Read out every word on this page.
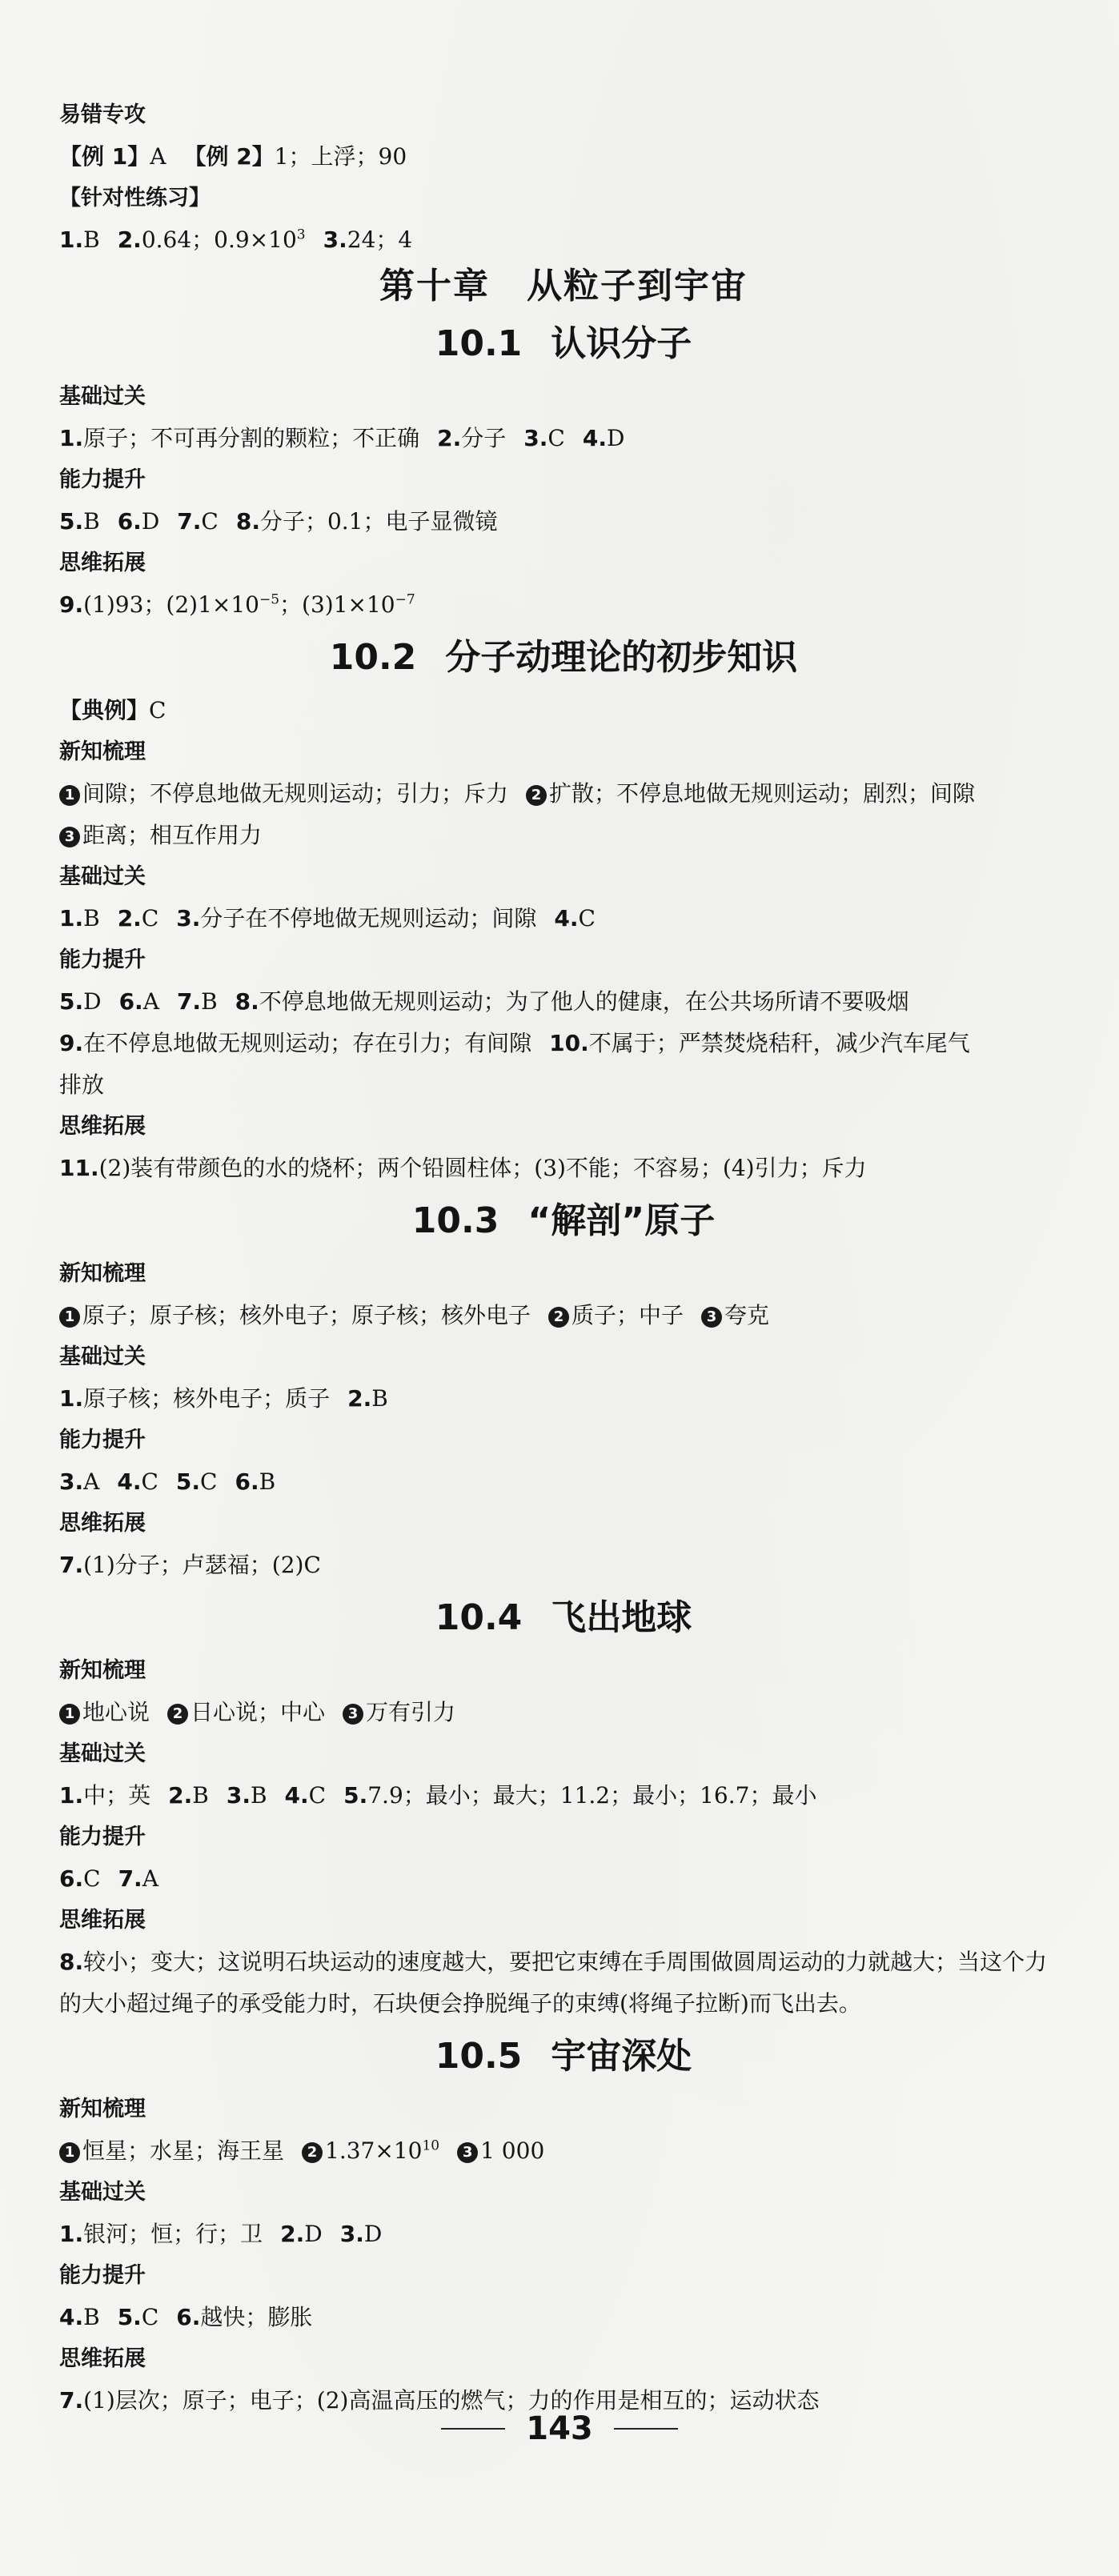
易错专攻
【例 1】A 【例 2】1；上浮；90
【针对性练习】
1.B 2.0.64；$0.9\times 10^3$ 3.24；4
第十章　从粒子到宇宙
10.1 认识分子
基础过关
1.原子；不可再分割的颗粒；不正确 2.分子 3.C 4.D
能力提升
5.B 6.D 7.C 8.分子；0.1；电子显微镜
思维拓展
9.(1)93；$(2)1\times 10^{-5}$；$(3)1\times 10^{-7}$
10.2 分子动理论的初步知识
【典例】C
新知梳理
1 间隙；不停息地做无规则运动；引力；斥力 2 扩散；不停息地做无规则运动；剧烈；间隙
3 距离；相互作用力
基础过关
1.B 2.C 3.分子在不停地做无规则运动；间隙 4.C
能力提升
5.D 6.A 7.B 8.不停息地做无规则运动；为了他人的健康，在公共场所请不要吸烟
9.在不停息地做无规则运动；存在引力；有间隙 10.不属于；严禁焚烧秸秆，减少汽车尾气
排放
思维拓展
11.(2)装有带颜色的水的烧杯；两个铅圆柱体；(3)不能；不容易；(4)引力；斥力
10.3 “解剖”原子
新知梳理
1 原子；原子核；核外电子；原子核；核外电子 2 质子；中子 3 夸克
基础过关
1.原子核；核外电子；质子 2.B
能力提升
3.A 4.C 5.C 6.B
思维拓展
7.(1)分子；卢瑟福；(2)C
10.4 飞出地球
新知梳理
1 地心说 2 日心说；中心 3 万有引力
基础过关
1.中；英 2.B 3.B 4.C 5.7.9；最小；最大；11.2；最小；16.7；最小
能力提升
6.C 7.A
思维拓展
8.较小；变大；这说明石块运动的速度越大，要把它束缚在手周围做圆周运动的力就越大；当这个力的大小超过绳子的承受能力时，石块便会挣脱绳子的束缚(将绳子拉断)而飞出去。
10.5 宇宙深处
新知梳理
1 恒星；水星；海王星 2 $1.37\times 10^{10}$ 3 1 000
基础过关
1.银河；恒；行；卫 2.D 3.D
能力提升
4.B 5.C 6.越快；膨胀
思维拓展
7.(1)层次；原子；电子；(2)高温高压的燃气；力的作用是相互的；运动状态
143
